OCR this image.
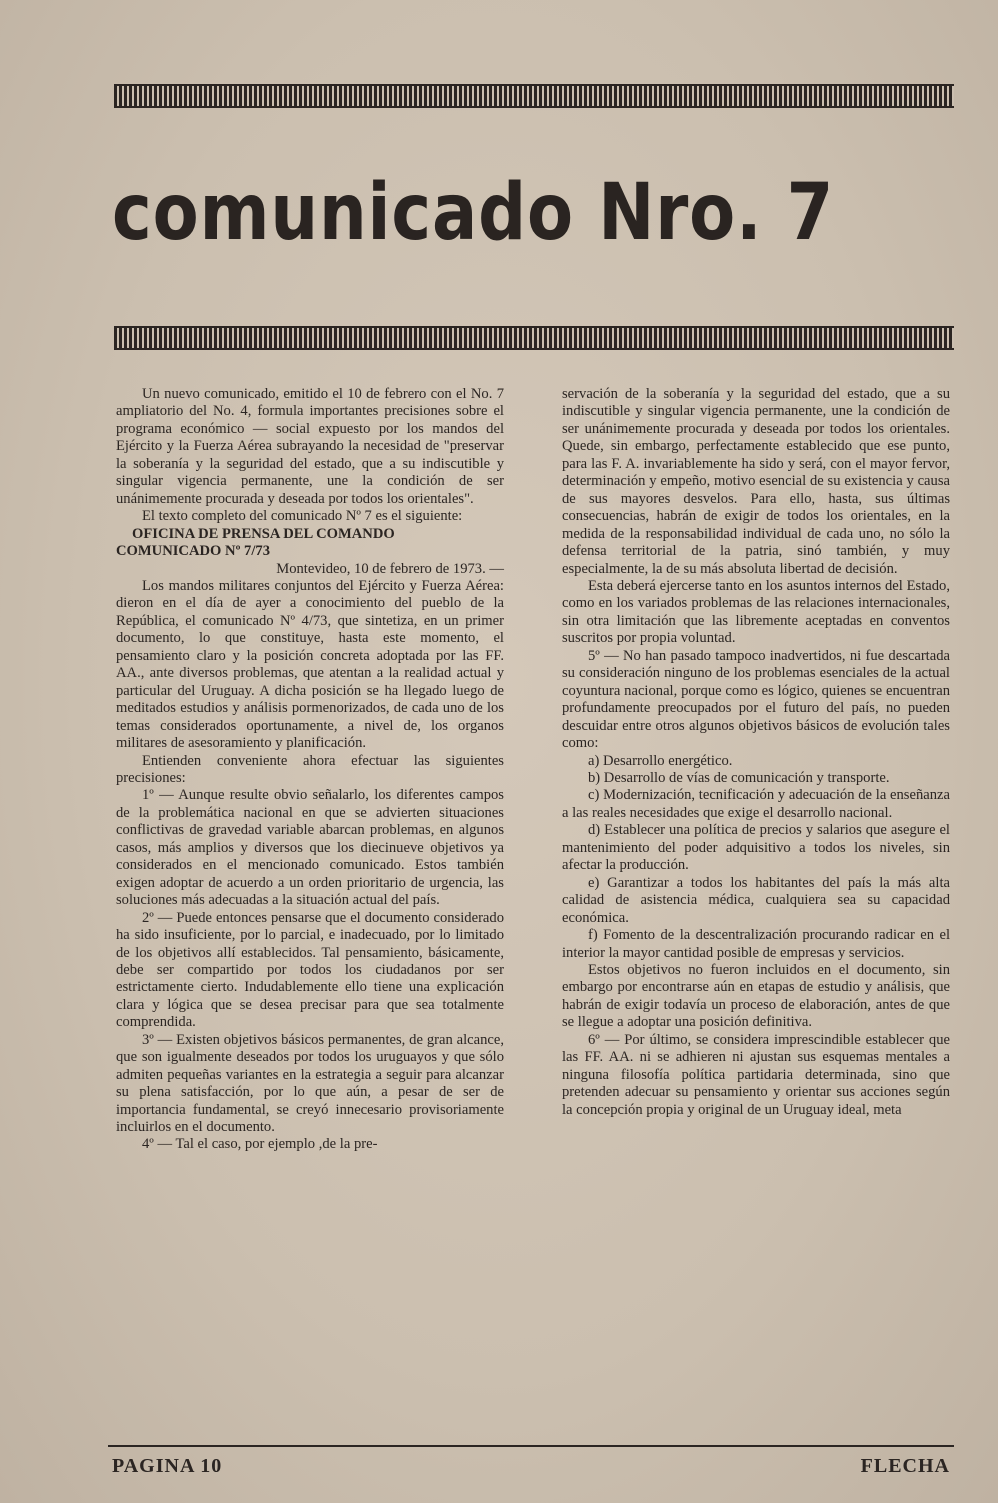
comunicado Nro. 7

Un nuevo comunicado, emitido el 10 de febrero con el No. 7 ampliatorio del No. 4, formula importantes precisiones sobre el programa económico — social expuesto por los mandos del Ejército y la Fuerza Aérea subrayando la necesidad de "preservar la soberanía y la seguridad del estado, que a su indiscutible y singular vigencia permanente, une la condición de ser unánimemente procurada y deseada por todos los orientales".

El texto completo del comunicado Nº 7 es el siguiente:

OFICINA DE PRENSA DEL COMANDO

COMUNICADO Nº 7/73

Montevideo, 10 de febrero de 1973. —

Los mandos militares conjuntos del Ejército y Fuerza Aérea: dieron en el día de ayer a conocimiento del pueblo de la República, el comunicado Nº 4/73, que sintetiza, en un primer documento, lo que constituye, hasta este momento, el pensamiento claro y la posición concreta adoptada por las FF. AA., ante diversos problemas, que atentan a la realidad actual y particular del Uruguay. A dicha posición se ha llegado luego de meditados estudios y análisis pormenorizados, de cada uno de los temas considerados oportunamente, a nivel de, los organos militares de asesoramiento y planificación.

Entienden conveniente ahora efectuar las siguientes precisiones:

1º — Aunque resulte obvio señalarlo, los diferentes campos de la problemática nacional en que se advierten situaciones conflictivas de gravedad variable abarcan problemas, en algunos casos, más amplios y diversos que los diecinueve objetivos ya considerados en el mencionado comunicado. Estos también exigen adoptar de acuerdo a un orden prioritario de urgencia, las soluciones más adecuadas a la situación actual del país.

2º — Puede entonces pensarse que el documento considerado ha sido insuficiente, por lo parcial, e inadecuado, por lo limitado de los objetivos allí establecidos. Tal pensamiento, básicamente, debe ser compartido por todos los ciudadanos por ser estrictamente cierto. Indudablemente ello tiene una explicación clara y lógica que se desea precisar para que sea totalmente comprendida.

3º — Existen objetivos básicos permanentes, de gran alcance, que son igualmente deseados por todos los uruguayos y que sólo admiten pequeñas variantes en la estrategia a seguir para alcanzar su plena satisfacción, por lo que aún, a pesar de ser de importancia fundamental, se creyó innecesario provisoriamente incluirlos en el documento.

4º — Tal el caso, por ejemplo ,de la pre-

servación de la soberanía y la seguridad del estado, que a su indiscutible y singular vigencia permanente, une la condición de ser unánimemente procurada y deseada por todos los orientales. Quede, sin embargo, perfectamente establecido que ese punto, para las F. A. invariablemente ha sido y será, con el mayor fervor, determinación y empeño, motivo esencial de su existencia y causa de sus mayores desvelos. Para ello, hasta, sus últimas consecuencias, habrán de exigir de todos los orientales, en la medida de la responsabilidad individual de cada uno, no sólo la defensa territorial de la patria, sinó también, y muy especialmente, la de su más absoluta libertad de decisión.

Esta deberá ejercerse tanto en los asuntos internos del Estado, como en los variados problemas de las relaciones internacionales, sin otra limitación que las libremente aceptadas en conventos suscritos por propia voluntad.

5º — No han pasado tampoco inadvertidos, ni fue descartada su consideración ninguno de los problemas esenciales de la actual coyuntura nacional, porque como es lógico, quienes se encuentran profundamente preocupados por el futuro del país, no pueden descuidar entre otros algunos objetivos básicos de evolución tales como:

a) Desarrollo energético.

b) Desarrollo de vías de comunicación y transporte.

c) Modernización, tecnificación y adecuación de la enseñanza a las reales necesidades que exige el desarrollo nacional.

d) Establecer una política de precios y salarios que asegure el mantenimiento del poder adquisitivo a todos los niveles, sin afectar la producción.

e) Garantizar a todos los habitantes del país la más alta calidad de asistencia médica, cualquiera sea su capacidad económica.

f) Fomento de la descentralización procurando radicar en el interior la mayor cantidad posible de empresas y servicios.

Estos objetivos no fueron incluidos en el documento, sin embargo por encontrarse aún en etapas de estudio y análisis, que habrán de exigir todavía un proceso de elaboración, antes de que se llegue a adoptar una posición definitiva.

6º — Por último, se considera imprescindible establecer que las FF. AA. ni se adhieren ni ajustan sus esquemas mentales a ninguna filosofía política partidaria determinada, sino que pretenden adecuar su pensamiento y orientar sus acciones según la concepción propia y original de un Uruguay ideal, meta

PAGINA 10	FLECHA
